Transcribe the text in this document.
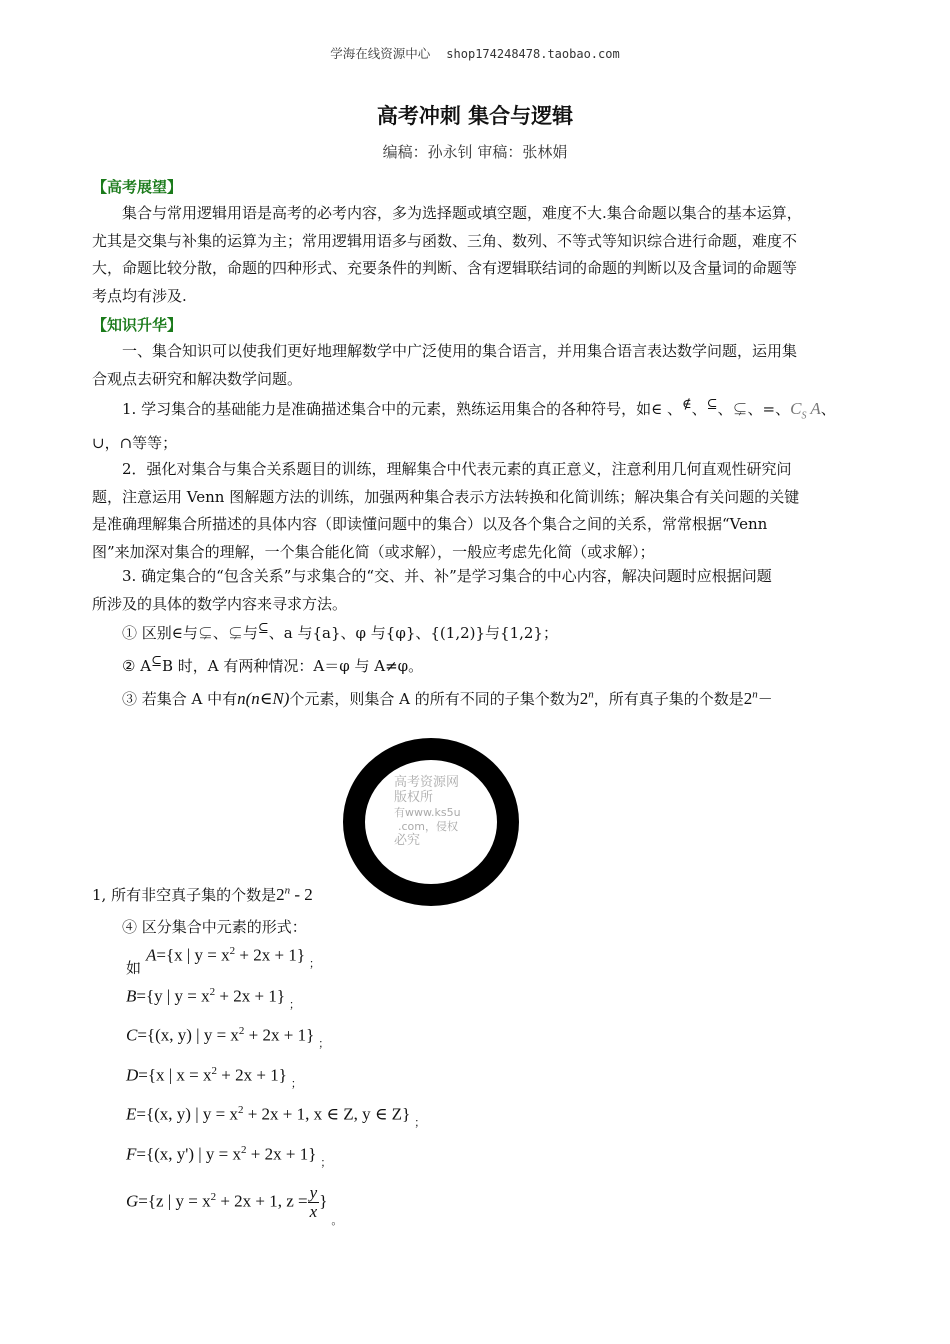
学海在线资源中心 shop174248478.taobao.com
高考冲刺 集合与逻辑
编稿：孙永钊 审稿：张林娟
【高考展望】
集合与常用逻辑用语是高考的必考内容，多为选择题或填空题，难度不大.集合命题以集合的基本运算，
尤其是交集与补集的运算为主；常用逻辑用语多与函数、三角、数列、不等式等知识综合进行命题，难度不
大，命题比较分散，命题的四种形式、充要条件的判断、含有逻辑联结词的命题的判断以及含量词的命题等
考点均有涉及.
【知识升华】
一、集合知识可以使我们更好地理解数学中广泛使用的集合语言，并用集合语言表达数学问题，运用集
合观点去研究和解决数学问题。
1. 学习集合的基础能力是准确描述集合中的元素，熟练运用集合的各种符号，如∈ 、∉、⊆、⊊、=、$C_S$ A、
∪，∩等等；
2．强化对集合与集合关系题目的训练，理解集合中代表元素的真正意义，注意利用几何直观性研究问
题，注意运用 Venn 图解题方法的训练，加强两种集合表示方法转换和化简训练；解决集合有关问题的关键
是准确理解集合所描述的具体内容（即读懂问题中的集合）以及各个集合之间的关系，常常根据“Venn
图”来加深对集合的理解，一个集合能化简（或求解），一般应考虑先化简（或求解）；
3. 确定集合的“包含关系”与求集合的“交、并、补”是学习集合的中心内容，解决问题时应根据问题
所涉及的具体的数学内容来寻求方法。
① 区别∈与⊊、⊊与⊆、a 与{a}、φ 与{φ}、{(1,2)}与{1,2}；
② A⊆B 时，A 有两种情况：A＝φ 与 A≠φ。
③ 若集合 A 中有n(n∈N)个元素，则集合 A 的所有不同的子集个数为2$^n$，所有真子集的个数是$2^n-$
高考资源网
版权所
有www.ks5u
.com，侵权
必究
1, 所有非空真子集的个数是2$^n$ - 2
④ 区分集合中元素的形式：
如
A={x | $y = x^2 + 2x + 1$} $_;$
B={y | $y = x^2 + 2x + 1$} $_;$
C={(x, y) | $y = x^2 + 2x + 1$} $_;$
D={x | $x = x^2 + 2x + 1$} $_;$
E={(x, y) | $y = x^2 + 2x + 1$, x ∈ Z, y ∈ Z} $_;$
F={(x, y') | $y = x^2 + 2x + 1$} $_;$
G={z | $y = x^2 + 2x + 1$, $z = \frac{y}{x} \}_。$
